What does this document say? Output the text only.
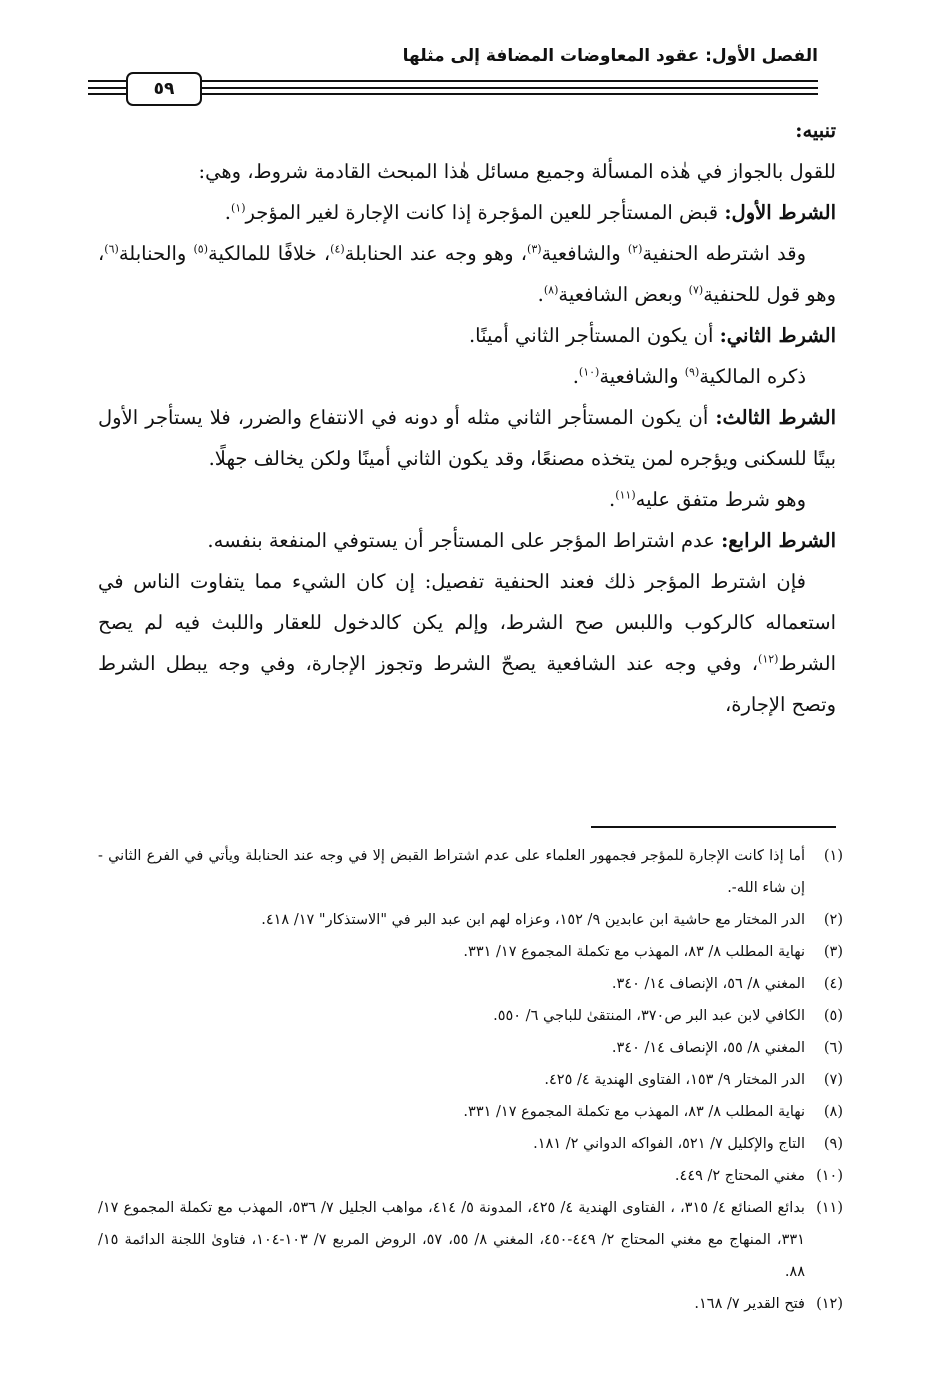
الفصل الأول: عقود المعاوضات المضافة إلى مثلها
٥٩

تنبيه:

للقول بالجواز في هٰذه المسألة وجميع مسائل هٰذا المبحث القادمة شروط، وهي:

الشرط الأول: قبض المستأجر للعين المؤجرة إذا كانت الإجارة لغير المؤجر$^{(١)}$.

وقد اشترطه الحنفية$^{(٢)}$ والشافعية$^{(٣)}$، وهو وجه عند الحنابلة$^{(٤)}$، خلافًا للمالكية$^{(٥)}$ والحنابلة$^{(٦)}$، وهو قول للحنفية$^{(٧)}$ وبعض الشافعية$^{(٨)}$.

الشرط الثاني: أن يكون المستأجر الثاني أمينًا.

ذكره المالكية$^{(٩)}$ والشافعية$^{(١٠)}$.

الشرط الثالث: أن يكون المستأجر الثاني مثله أو دونه في الانتفاع والضرر، فلا يستأجر الأول بيتًا للسكنى ويؤجره لمن يتخذه مصنعًا، وقد يكون الثاني أمينًا ولكن يخالف جهلًا.

وهو شرط متفق عليه$^{(١١)}$.

الشرط الرابع: عدم اشتراط المؤجر على المستأجر أن يستوفي المنفعة بنفسه.

فإن اشترط المؤجر ذلك فعند الحنفية تفصيل: إن كان الشيء مما يتفاوت الناس في استعماله كالركوب واللبس صح الشرط، وإلم يكن كالدخول للعقار واللبث فيه لم يصح الشرط$^{(١٢)}$، وفي وجه عند الشافعية يصحّ الشرط وتجوز الإجارة، وفي وجه يبطل الشرط وتصح الإجارة،

(١)
أما إذا كانت الإجارة للمؤجر فجمهور العلماء على عدم اشتراط القبض إلا في وجه عند الحنابلة ويأتي في الفرع الثاني - إن شاء الله-.

(٢)
الدر المختار مع حاشية ابن عابدين ٩/ ١٥٢، وعزاه لهم ابن عبد البر في "الاستذكار" ١٧/ ٤١٨.

(٣)
نهاية المطلب ٨/ ٨٣، المهذب مع تكملة المجموع ١٧/ ٣٣١.

(٤)
المغني ٨/ ٥٦، الإنصاف ١٤/ ٣٤٠.

(٥)
الكافي لابن عبد البر ص٣٧٠، المنتقىٰ للباجي ٦/ ٥٥٠.

(٦)
المغني ٨/ ٥٥، الإنصاف ١٤/ ٣٤٠.

(٧)
الدر المختار ٩/ ١٥٣، الفتاوى الهندية ٤/ ٤٢٥.

(٨)
نهاية المطلب ٨/ ٨٣، المهذب مع تكملة المجموع ١٧/ ٣٣١.

(٩)
التاج والإكليل ٧/ ٥٢١، الفواكه الدواني ٢/ ١٨١.

(١٠)
مغني المحتاج ٢/ ٤٤٩.

(١١)
بدائع الصنائع ٤/ ٣١٥، ، الفتاوى الهندية ٤/ ٤٢٥، المدونة ٥/ ٤١٤، مواهب الجليل ٧/ ٥٣٦، المهذب مع تكملة المجموع ١٧/ ٣٣١، المنهاج مع مغني المحتاج ٢/ ٤٤٩-٤٥٠، المغني ٨/ ٥٥، ٥٧، الروض المربع ٧/ ١٠٣-١٠٤، فتاوىٰ اللجنة الدائمة ١٥/ ٨٨.

(١٢)
فتح القدير ٧/ ١٦٨.
